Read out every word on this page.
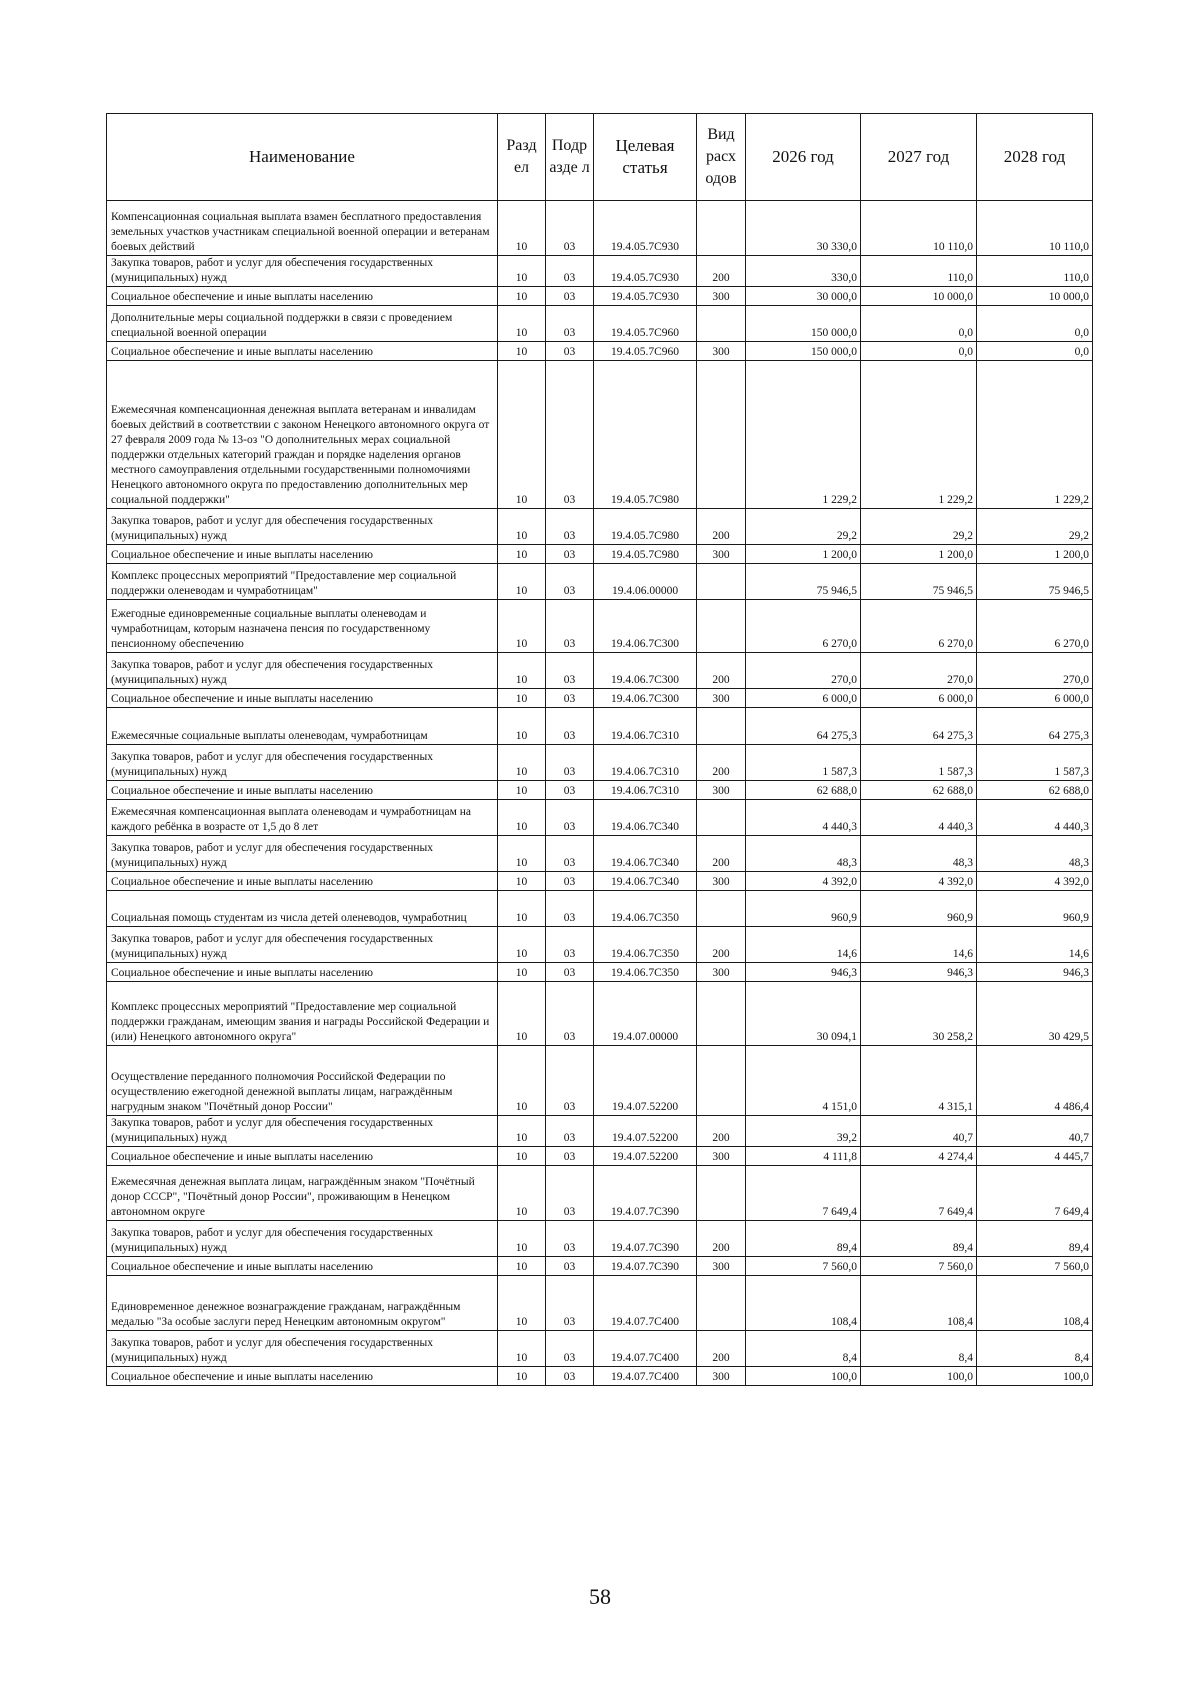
Наименование	Разд ел	Подр азде л	Целевая статья	Вид расх одов	2026 год	2027 год	2028 год
Компенсационная социальная выплата взамен бесплатного предоставления земельных участков участникам специальной военной операции и ветеранам боевых действий	10	03	19.4.05.7С930		30 330,0	10 110,0	10 110,0
Закупка товаров, работ и услуг для обеспечения государственных (муниципальных) нужд	10	03	19.4.05.7С930	200	330,0	110,0	110,0
Социальное обеспечение и иные выплаты населению	10	03	19.4.05.7С930	300	30 000,0	10 000,0	10 000,0
Дополнительные меры социальной поддержки в связи с проведением специальной военной операции	10	03	19.4.05.7С960		150 000,0	0,0	0,0
Социальное обеспечение и иные выплаты населению	10	03	19.4.05.7С960	300	150 000,0	0,0	0,0
Ежемесячная компенсационная денежная выплата ветеранам и инвалидам боевых действий в соответствии с законом Ненецкого автономного округа от 27 февраля 2009 года № 13-оз "О дополнительных мерах социальной поддержки отдельных категорий граждан и порядке наделения органов местного самоуправления отдельными государственными полномочиями Ненецкого автономного округа по предоставлению дополнительных мер социальной поддержки"	10	03	19.4.05.7С980		1 229,2	1 229,2	1 229,2
Закупка товаров, работ и услуг для обеспечения государственных (муниципальных) нужд	10	03	19.4.05.7С980	200	29,2	29,2	29,2
Социальное обеспечение и иные выплаты населению	10	03	19.4.05.7С980	300	1 200,0	1 200,0	1 200,0
Комплекс процессных мероприятий "Предоставление мер социальной поддержки оленеводам и чумработницам"	10	03	19.4.06.00000		75 946,5	75 946,5	75 946,5
Ежегодные единовременные социальные выплаты оленеводам и чумработницам, которым назначена пенсия по государственному пенсионному обеспечению	10	03	19.4.06.7С300		6 270,0	6 270,0	6 270,0
Закупка товаров, работ и услуг для обеспечения государственных (муниципальных) нужд	10	03	19.4.06.7С300	200	270,0	270,0	270,0
Социальное обеспечение и иные выплаты населению	10	03	19.4.06.7С300	300	6 000,0	6 000,0	6 000,0
Ежемесячные социальные выплаты оленеводам, чумработницам	10	03	19.4.06.7С310		64 275,3	64 275,3	64 275,3
Закупка товаров, работ и услуг для обеспечения государственных (муниципальных) нужд	10	03	19.4.06.7С310	200	1 587,3	1 587,3	1 587,3
Социальное обеспечение и иные выплаты населению	10	03	19.4.06.7С310	300	62 688,0	62 688,0	62 688,0
Ежемесячная компенсационная выплата оленеводам и чумработницам на каждого ребёнка в возрасте от 1,5 до 8 лет	10	03	19.4.06.7С340		4 440,3	4 440,3	4 440,3
Закупка товаров, работ и услуг для обеспечения государственных (муниципальных) нужд	10	03	19.4.06.7С340	200	48,3	48,3	48,3
Социальное обеспечение и иные выплаты населению	10	03	19.4.06.7С340	300	4 392,0	4 392,0	4 392,0
Социальная помощь студентам из числа детей оленеводов, чумработниц	10	03	19.4.06.7С350		960,9	960,9	960,9
Закупка товаров, работ и услуг для обеспечения государственных (муниципальных) нужд	10	03	19.4.06.7С350	200	14,6	14,6	14,6
Социальное обеспечение и иные выплаты населению	10	03	19.4.06.7С350	300	946,3	946,3	946,3
Комплекс процессных мероприятий "Предоставление мер социальной поддержки гражданам, имеющим звания и награды Российской Федерации и (или) Ненецкого автономного округа"	10	03	19.4.07.00000		30 094,1	30 258,2	30 429,5
Осуществление переданного полномочия Российской Федерации по осуществлению ежегодной денежной выплаты лицам, награждённым нагрудным знаком "Почётный донор России"	10	03	19.4.07.52200		4 151,0	4 315,1	4 486,4
Закупка товаров, работ и услуг для обеспечения государственных (муниципальных) нужд	10	03	19.4.07.52200	200	39,2	40,7	40,7
Социальное обеспечение и иные выплаты населению	10	03	19.4.07.52200	300	4 111,8	4 274,4	4 445,7
Ежемесячная денежная выплата лицам, награждённым знаком "Почётный донор СССР", "Почётный донор России", проживающим в Ненецком автономном округе	10	03	19.4.07.7С390		7 649,4	7 649,4	7 649,4
Закупка товаров, работ и услуг для обеспечения государственных (муниципальных) нужд	10	03	19.4.07.7С390	200	89,4	89,4	89,4
Социальное обеспечение и иные выплаты населению	10	03	19.4.07.7С390	300	7 560,0	7 560,0	7 560,0
Единовременное денежное вознаграждение гражданам, награждённым медалью "За особые заслуги перед Ненецким автономным округом"	10	03	19.4.07.7С400		108,4	108,4	108,4
Закупка товаров, работ и услуг для обеспечения государственных (муниципальных) нужд	10	03	19.4.07.7С400	200	8,4	8,4	8,4
Социальное обеспечение и иные выплаты населению	10	03	19.4.07.7С400	300	100,0	100,0	100,0
58
